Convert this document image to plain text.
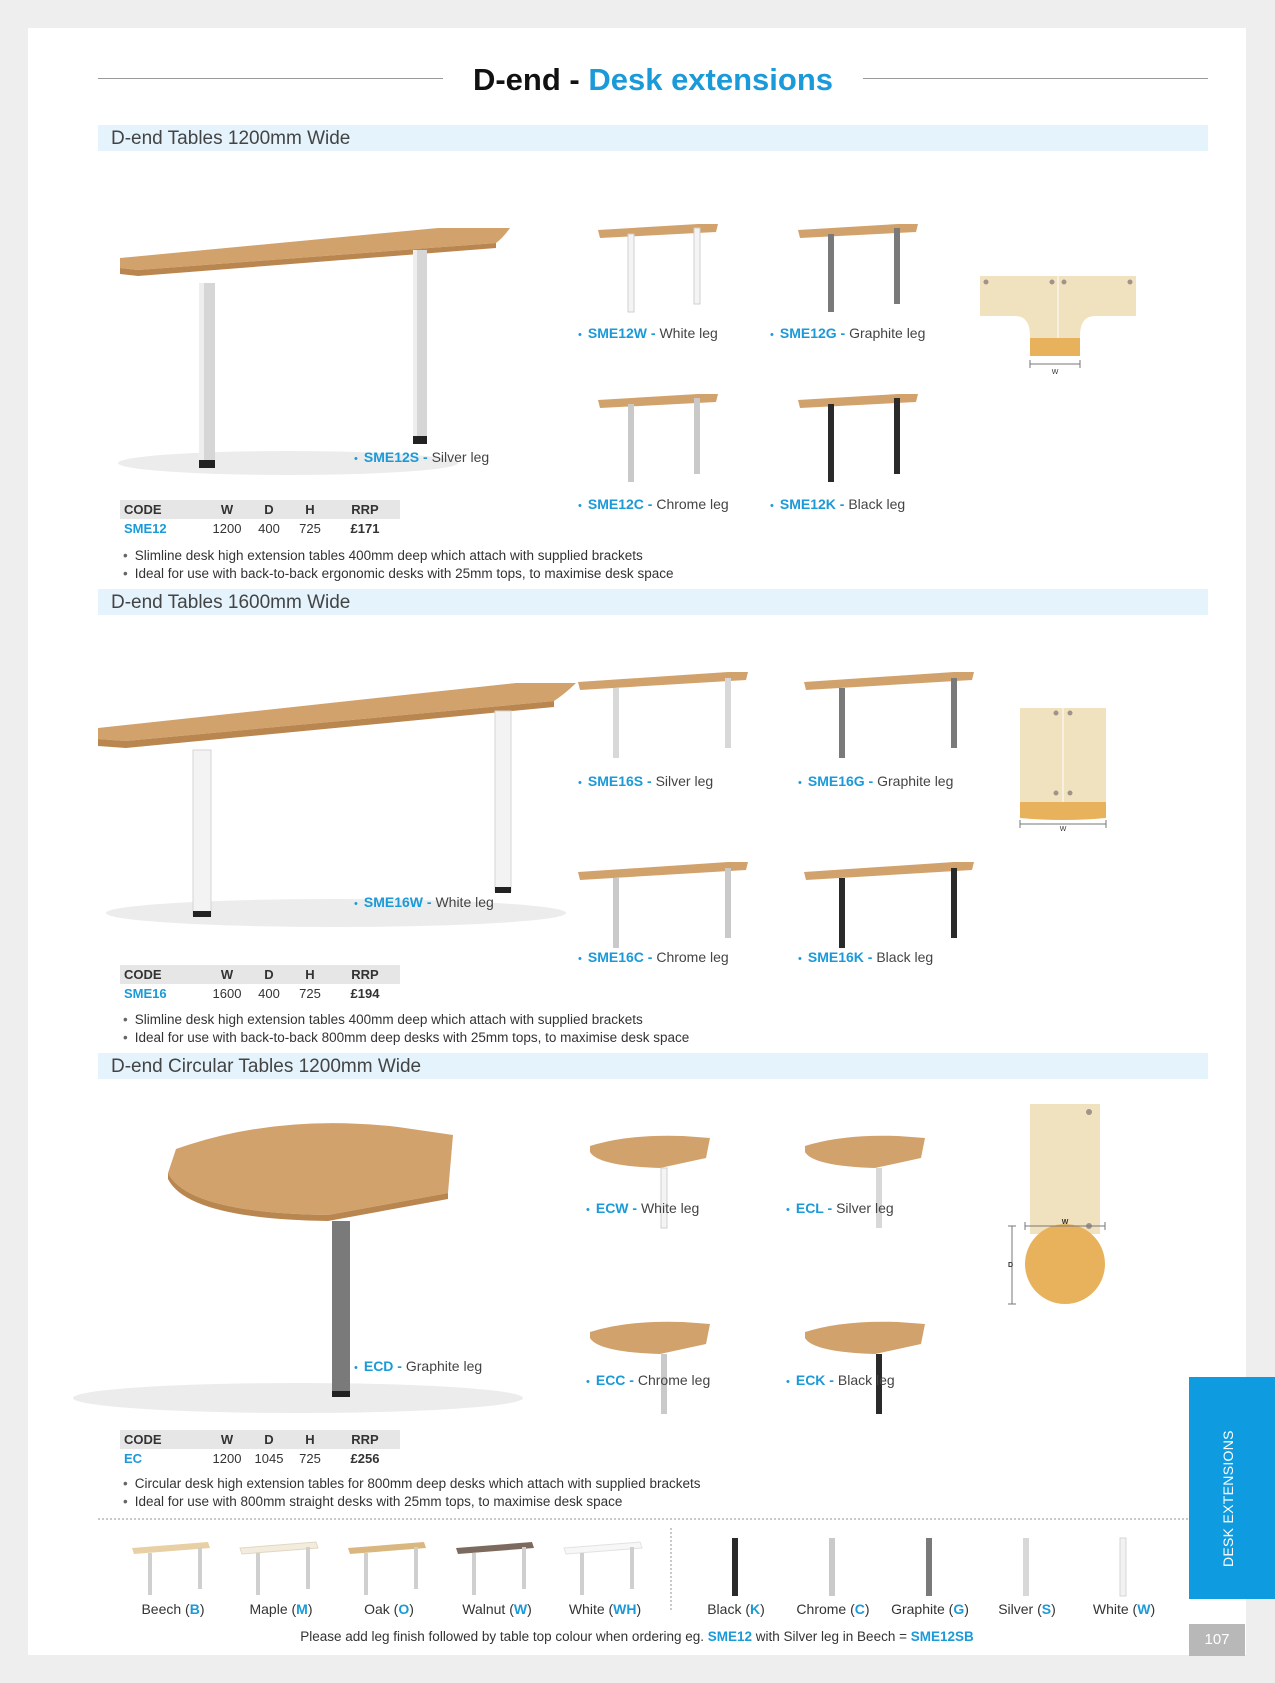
D-end - Desk extensions
D-end Tables 1200mm Wide
• SME12S - Silver leg
• SME12W - White leg	• SME12G - Graphite leg
• SME12C - Chrome leg	• SME12K - Black leg
W
CODE	W	D	H	RRP
SME12	1200	400	725	£171
• Slimline desk high extension tables 400mm deep which attach with supplied brackets
• Ideal for use with back-to-back ergonomic desks with 25mm tops, to maximise desk space
D-end Tables 1600mm Wide
• SME16W - White leg
• SME16S - Silver leg	• SME16G - Graphite leg
• SME16C - Chrome leg	• SME16K - Black leg
W
CODE	W	D	H	RRP
SME16	1600	400	725	£194
• Slimline desk high extension tables 400mm deep which attach with supplied brackets
• Ideal for use with back-to-back 800mm deep desks with 25mm tops, to maximise desk space
D-end Circular Tables 1200mm Wide
• ECD - Graphite leg
• ECW - White leg	• ECL - Silver leg
• ECC - Chrome leg	• ECK - Black leg
W
D
CODE	W	D	H	RRP
EC	1200	1045	725	£256
• Circular desk high extension tables for 800mm deep desks which attach with supplied brackets
• Ideal for use with 800mm straight desks with 25mm tops, to maximise desk space
Beech (B)	Maple (M)	Oak (O)	Walnut (W)	White (WH)	Black (K)	Chrome (C)	Graphite (G)	Silver (S)	White (W)
Please add leg finish followed by table top colour when ordering eg. SME12 with Silver leg in Beech = SME12SB
DESK EXTENSIONS
107
